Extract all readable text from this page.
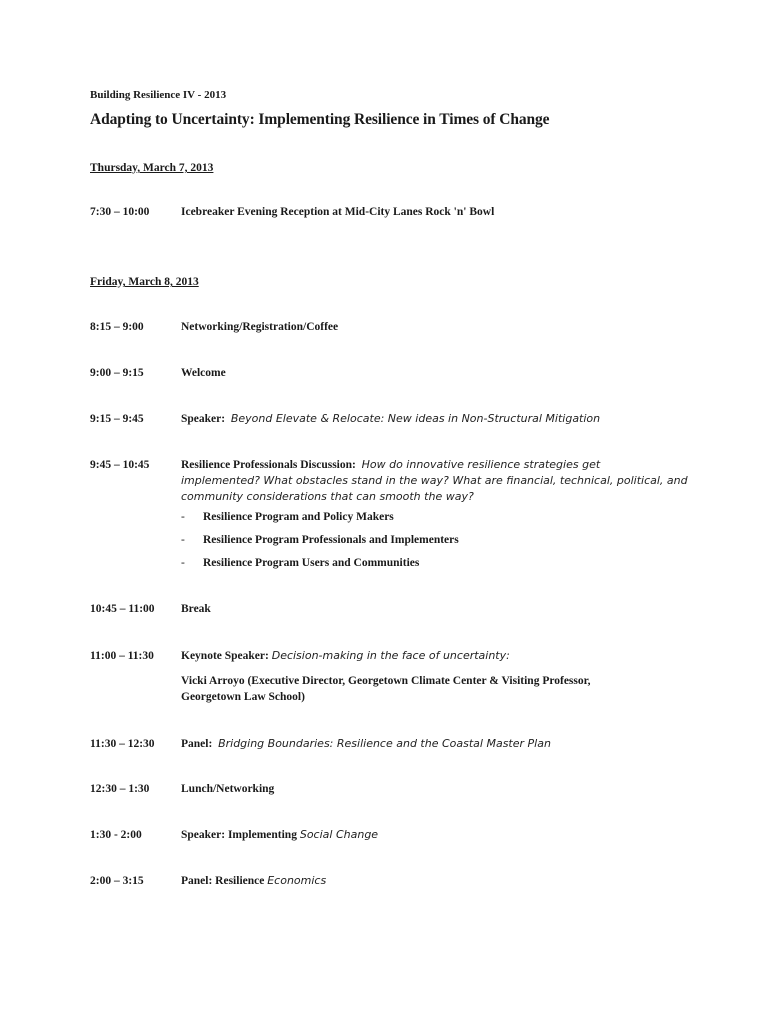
Building Resilience IV - 2013
Adapting to Uncertainty: Implementing Resilience in Times of Change
Thursday, March 7, 2013
7:30 – 10:00	Icebreaker Evening Reception at Mid-City Lanes Rock 'n' Bowl
Friday, March 8, 2013
8:15 – 9:00	Networking/Registration/Coffee
9:00 – 9:15	Welcome
9:15 – 9:45	Speaker: Beyond Elevate & Relocate: New ideas in Non-Structural Mitigation
9:45 – 10:45	Resilience Professionals Discussion: How do innovative resilience strategies get
implemented? What obstacles stand in the way? What are financial, technical, political, and
community considerations that can smooth the way?
- Resilience Program and Policy Makers
- Resilience Program Professionals and Implementers
- Resilience Program Users and Communities
10:45 – 11:00 Break
11:00 – 11:30 Keynote Speaker: Decision-making in the face of uncertainty:
Vicki Arroyo (Executive Director, Georgetown Climate Center & Visiting Professor,
Georgetown Law School)
11:30 – 12:30 Panel: Bridging Boundaries: Resilience and the Coastal Master Plan
12:30 – 1:30	Lunch/Networking
1:30 - 2:00	Speaker: Implementing Social Change
2:00 – 3:15	Panel: Resilience Economics
